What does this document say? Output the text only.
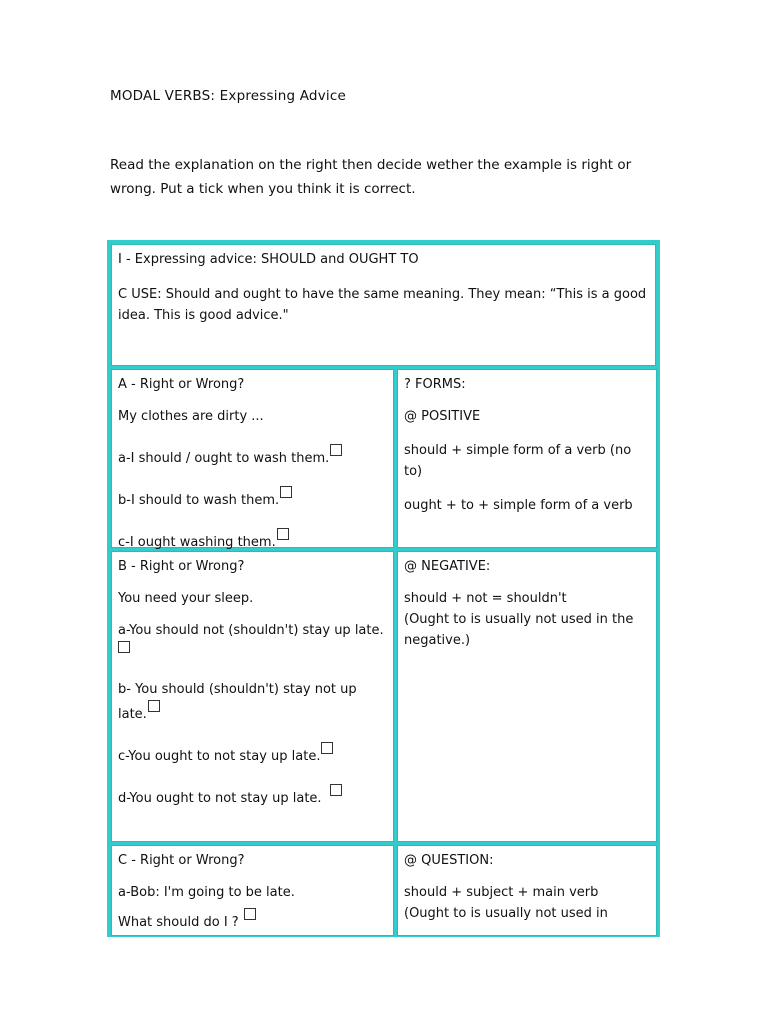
MODAL VERBS: Expressing Advice

Read the explanation on the right then decide wether the example is right or

wrong. Put a tick when you think it is correct.

I - Expressing advice: SHOULD and OUGHT TO

C USE: Should and ought to have the same meaning. They mean: “This is a good

idea. This is good advice."

A - Right or Wrong?

My clothes are dirty ...

a-I should / ought to wash them.

b-I should to wash them.

c-I ought washing them.

? FORMS:

@ POSITIVE

should + simple form of a verb (no to)

ought + to + simple form of a verb

B - Right or Wrong?

You need your sleep.

a-You should not (shouldn't) stay up late.

b- You should (shouldn't) stay not up
late.

c-You ought to not stay up late.

d-You ought to not stay up late.

@ NEGATIVE:

should + not = shouldn't

(Ought to is usually not used in the

negative.)

C - Right or Wrong?

a-Bob: I'm going to be late.

What should do I ?

@ QUESTION:

should + subject + main verb

(Ought to is usually not used in
